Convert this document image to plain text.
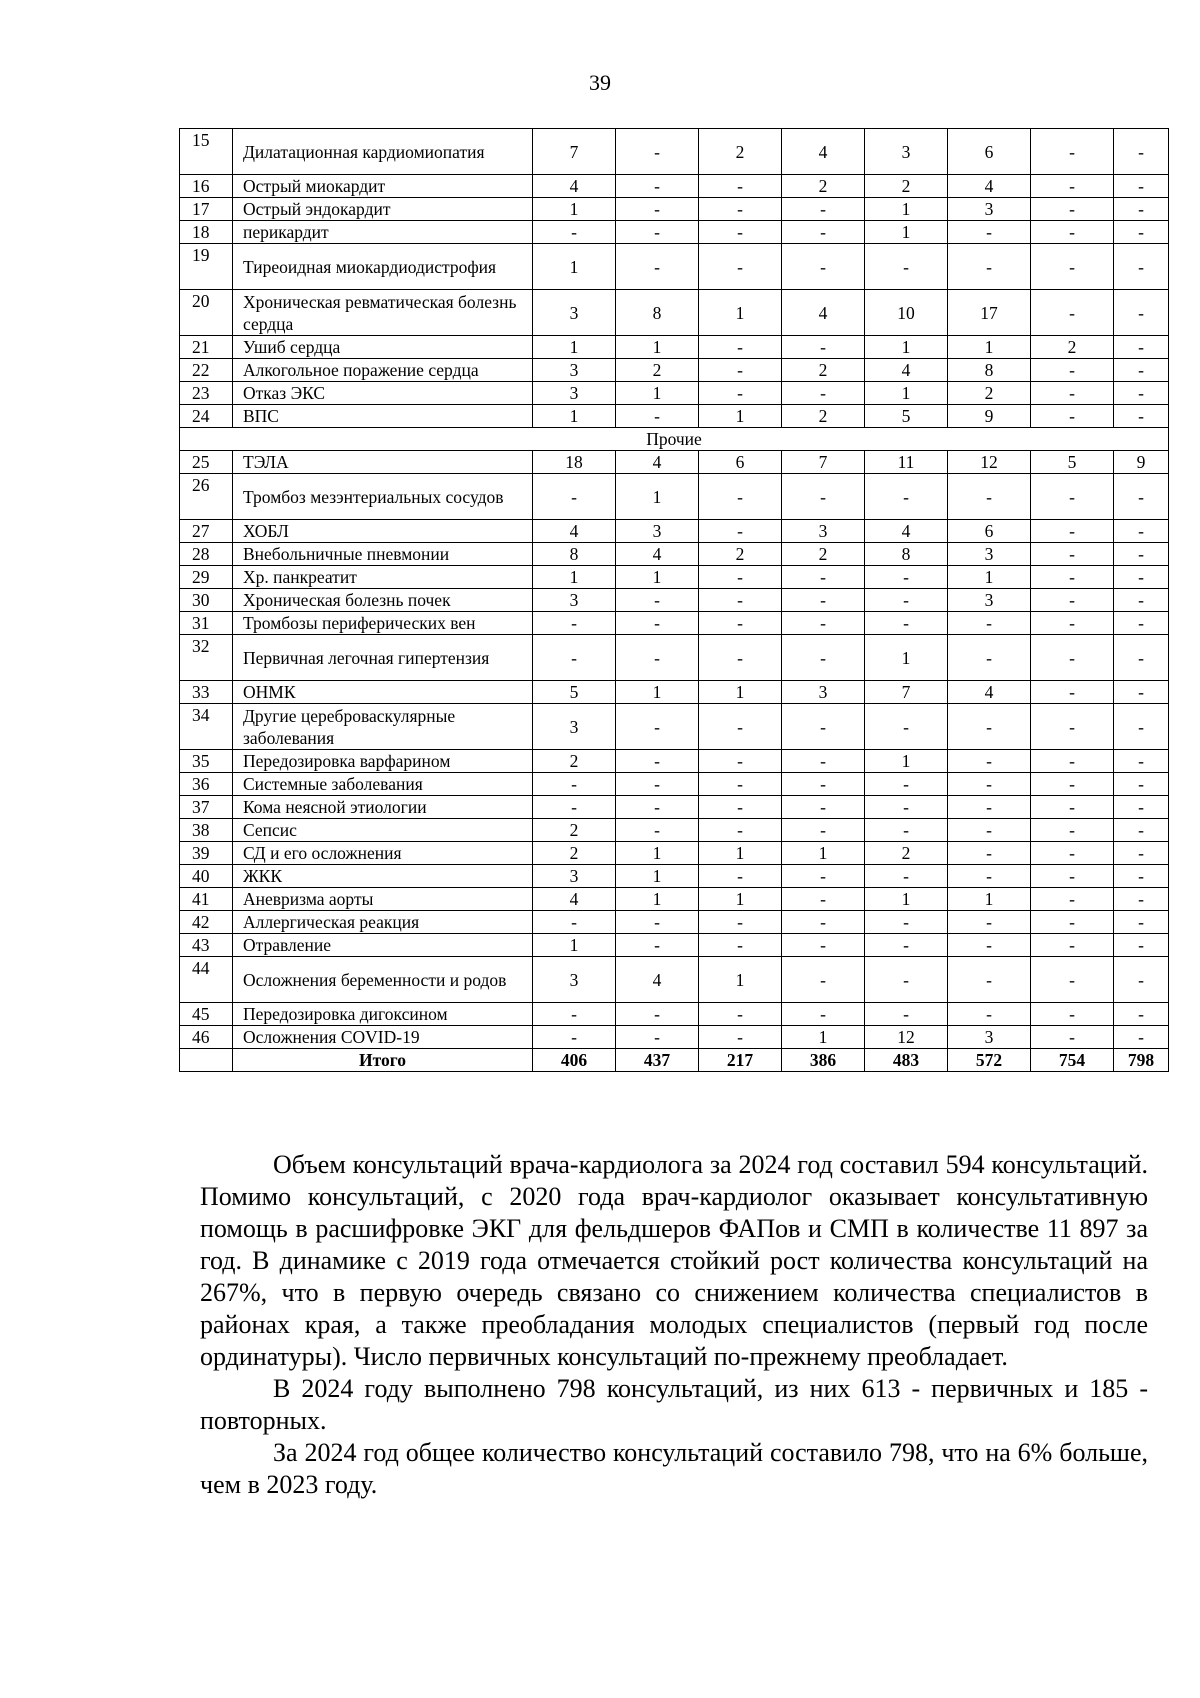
39
15	Дилатационная кардиомиопатия	7	-	2	4	3	6	-	-
16	Острый миокардит	4	-	-	2	2	4	-	-
17	Острый эндокардит	1	-	-	-	1	3	-	-
18	перикардит	-	-	-	-	1	-	-	-
19	Тиреоидная миокардиодистрофия	1	-	-	-	-	-	-	-
20	Хроническая ревматическая болезнь сердца	3	8	1	4	10	17	-	-
21	Ушиб сердца	1	1	-	-	1	1	2	-
22	Алкогольное поражение сердца	3	2	-	2	4	8	-	-
23	Отказ ЭКС	3	1	-	-	1	2	-	-
24	ВПС	1	-	1	2	5	9	-	-
Прочие									
25	ТЭЛА	18	4	6	7	11	12	5	9
26	Тромбоз мезэнтериальных сосудов	-	1	-	-	-	-	-	-
27	ХОБЛ	4	3	-	3	4	6	-	-
28	Внебольничные пневмонии	8	4	2	2	8	3	-	-
29	Хр. панкреатит	1	1	-	-	-	1	-	-
30	Хроническая болезнь почек	3	-	-	-	-	3	-	-
31	Тромбозы периферических вен	-	-	-	-	-	-	-	-
32	Первичная легочная гипертензия	-	-	-	-	1	-	-	-
33	ОНМК	5	1	1	3	7	4	-	-
34	Другие цереброваскулярные заболевания	3	-	-	-	-	-	-	-
35	Передозировка варфарином	2	-	-	-	1	-	-	-
36	Системные заболевания	-	-	-	-	-	-	-	-
37	Кома неясной этиологии	-	-	-	-	-	-	-	-
38	Сепсис	2	-	-	-	-	-	-	-
39	СД и его осложнения	2	1	1	1	2	-	-	-
40	ЖКК	3	1	-	-	-	-	-	-
41	Аневризма аорты	4	1	1	-	1	1	-	-
42	Аллергическая реакция	-	-	-	-	-	-	-	-
43	Отравление	1	-	-	-	-	-	-	-
44	Осложнения беременности и родов	3	4	1	-	-	-	-	-
45	Передозировка дигоксином	-	-	-	-	-	-	-	-
46	Осложнения COVID-19	-	-	-	1	12	3	-	-
	Итого	406	437	217	386	483	572	754	798

Объем консультаций врача-кардиолога за 2024 год составил 594 консультаций. Помимо консультаций, с 2020 года врач-кардиолог оказывает консультативную помощь в расшифровке ЭКГ для фельдшеров ФАПов и СМП в количестве 11 897 за год. В динамике с 2019 года отмечается стойкий рост количества консультаций на 267%, что в первую очередь связано со снижением количества специалистов в районах края, а также преобладания молодых специалистов (первый год после ординатуры). Число первичных консультаций по-прежнему преобладает.

В 2024 году выполнено 798 консультаций, из них 613 - первичных и 185 - повторных.

За 2024 год общее количество консультаций составило 798, что на 6% больше, чем в 2023 году.
